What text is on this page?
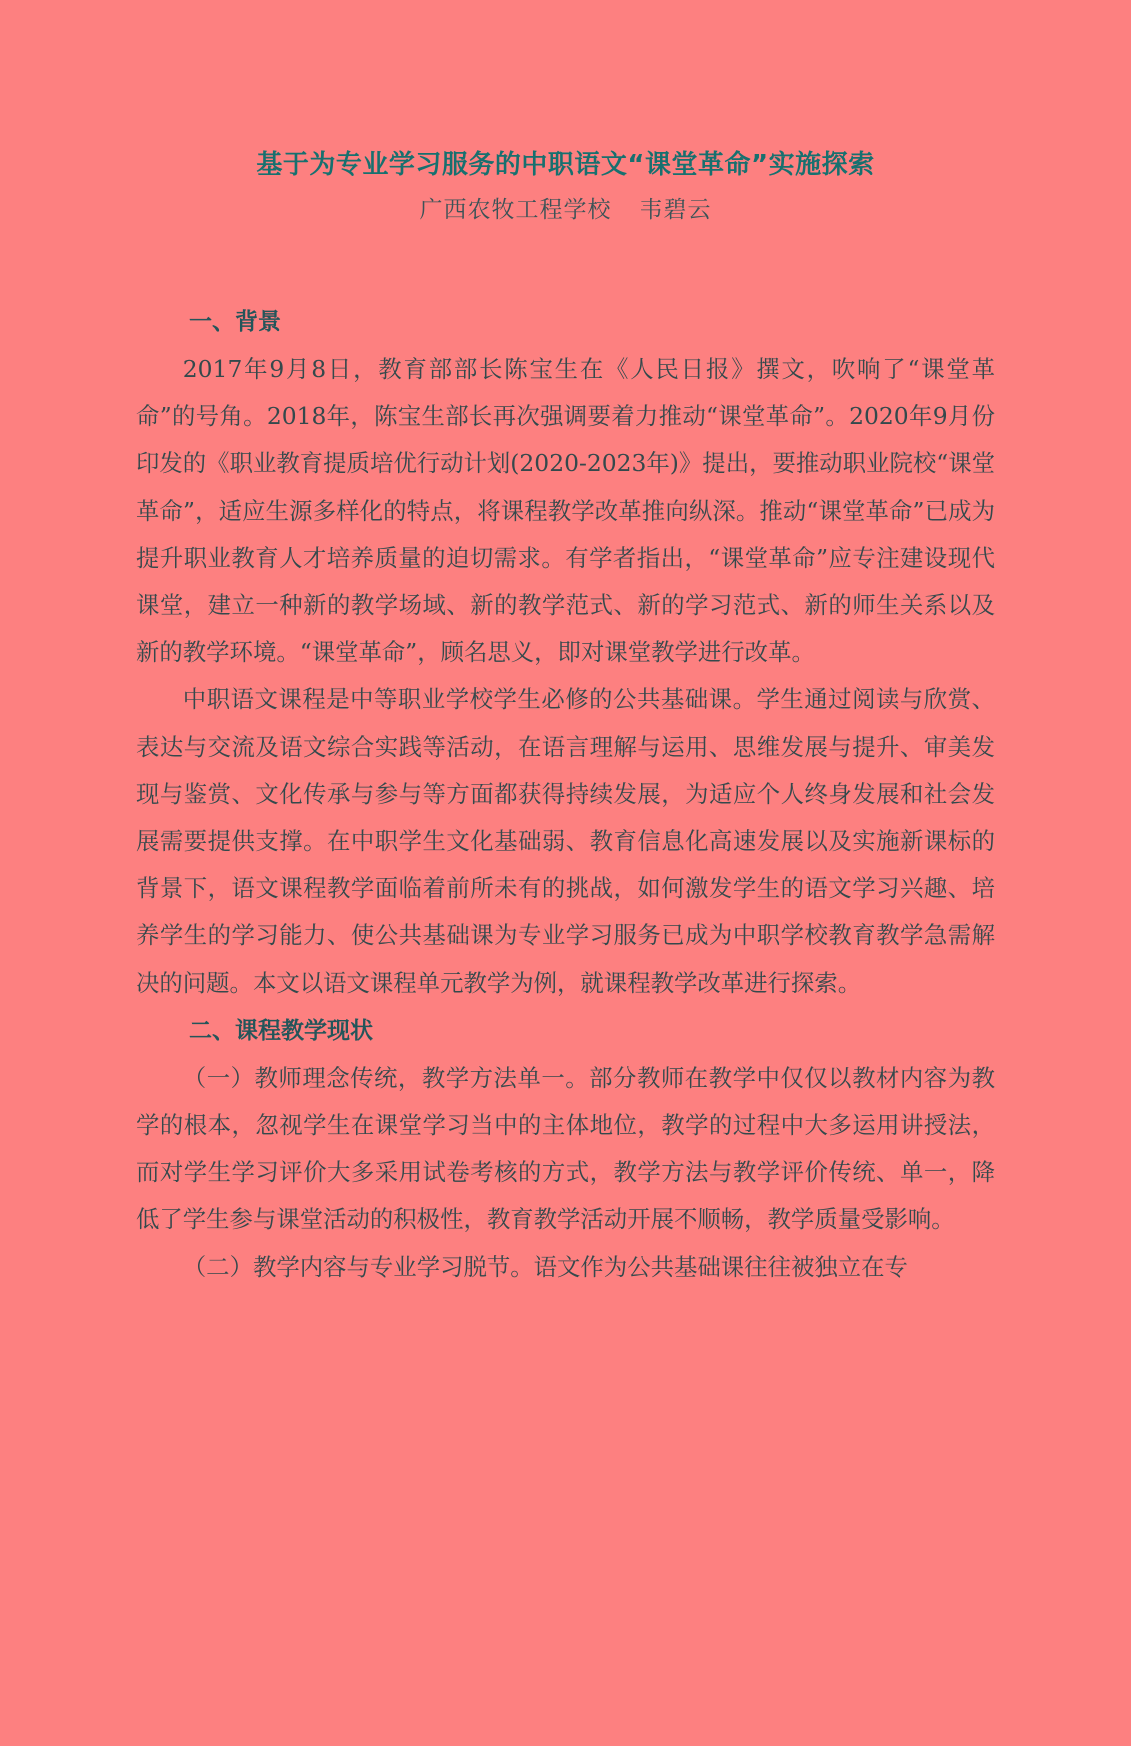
基于为专业学习服务的中职语文“课堂革命”实施探索
广西农牧工程学校 韦碧云
一、背景

2017年9月8日，教育部部长陈宝生在《人民日报》撰文，吹响了“课堂革命”的号角。2018年，陈宝生部长再次强调要着力推动“课堂革命”。2020年9月份印发的《职业教育提质培优行动计划(2020-2023年)》提出，要推动职业院校“课堂革命”，适应生源多样化的特点，将课程教学改革推向纵深。推动“课堂革命”已成为提升职业教育人才培养质量的迫切需求。有学者指出，“课堂革命”应专注建设现代课堂，建立一种新的教学场域、新的教学范式、新的学习范式、新的师生关系以及新的教学环境。“课堂革命”，顾名思义，即对课堂教学进行改革。

中职语文课程是中等职业学校学生必修的公共基础课。学生通过阅读与欣赏、表达与交流及语文综合实践等活动，在语言理解与运用、思维发展与提升、审美发现与鉴赏、文化传承与参与等方面都获得持续发展，为适应个人终身发展和社会发展需要提供支撑。在中职学生文化基础弱、教育信息化高速发展以及实施新课标的背景下，语文课程教学面临着前所未有的挑战，如何激发学生的语文学习兴趣、培养学生的学习能力、使公共基础课为专业学习服务已成为中职学校教育教学急需解决的问题。本文以语文课程单元教学为例，就课程教学改革进行探索。

二、课程教学现状

（一）教师理念传统，教学方法单一。部分教师在教学中仅仅以教材内容为教学的根本，忽视学生在课堂学习当中的主体地位，教学的过程中大多运用讲授法，而对学生学习评价大多采用试卷考核的方式，教学方法与教学评价传统、单一，降低了学生参与课堂活动的积极性，教育教学活动开展不顺畅，教学质量受影响。

（二）教学内容与专业学习脱节。语文作为公共基础课往往被独立在专
